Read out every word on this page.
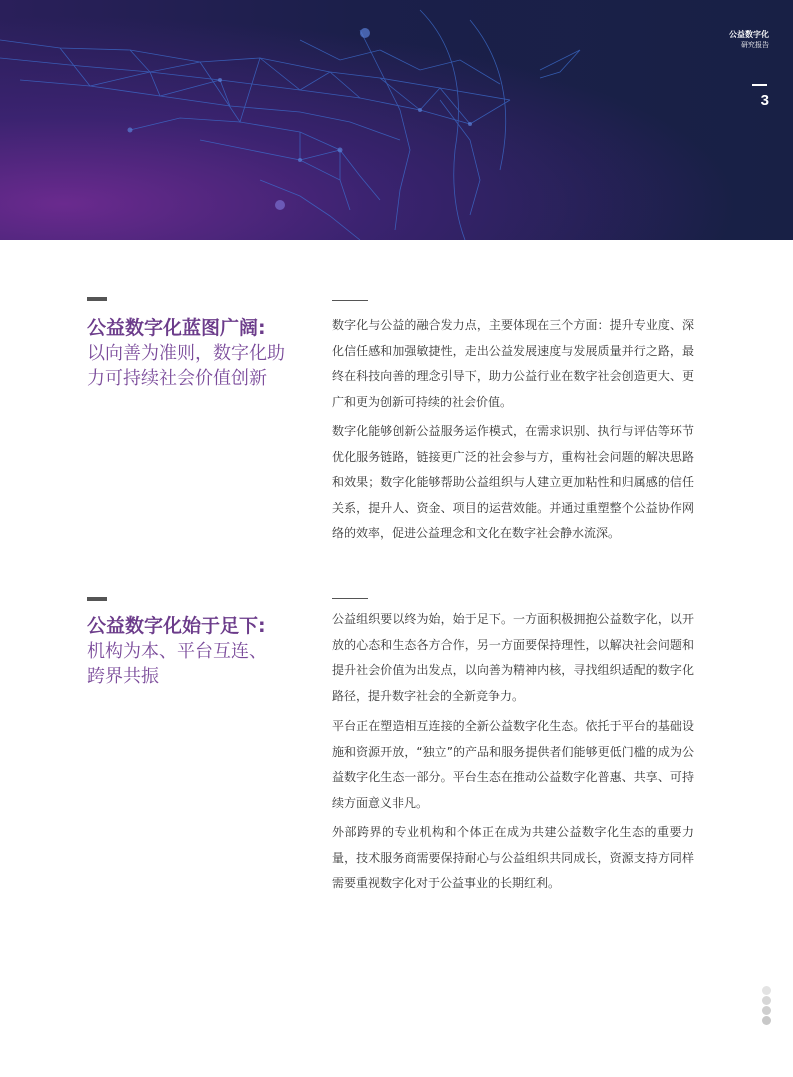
公益数字化
研究报告
3
公益数字化蓝图广阔:
以向善为准则，数字化助
力可持续社会价值创新

数字化与公益的融合发力点，主要体现在三个方面：提升专业度、深化信任感和加强敏捷性，走出公益发展速度与发展质量并行之路，最终在科技向善的理念引导下，助力公益行业在数字社会创造更大、更广和更为创新可持续的社会价值。

数字化能够创新公益服务运作模式，在需求识别、执行与评估等环节优化服务链路，链接更广泛的社会参与方，重构社会问题的解决思路和效果；数字化能够帮助公益组织与人建立更加粘性和归属感的信任关系，提升人、资金、项目的运营效能。并通过重塑整个公益协作网络的效率，促进公益理念和文化在数字社会静水流深。

公益数字化始于足下:
机构为本、平台互连、
跨界共振

公益组织要以终为始，始于足下。一方面积极拥抱公益数字化，以开放的心态和生态各方合作，另一方面要保持理性，以解决社会问题和提升社会价值为出发点，以向善为精神内核，寻找组织适配的数字化路径，提升数字社会的全新竞争力。

平台正在塑造相互连接的全新公益数字化生态。依托于平台的基础设施和资源开放，“独立”的产品和服务提供者们能够更低门槛的成为公益数字化生态一部分。平台生态在推动公益数字化普惠、共享、可持续方面意义非凡。

外部跨界的专业机构和个体正在成为共建公益数字化生态的重要力量，技术服务商需要保持耐心与公益组织共同成长，资源支持方同样需要重视数字化对于公益事业的长期红利。
